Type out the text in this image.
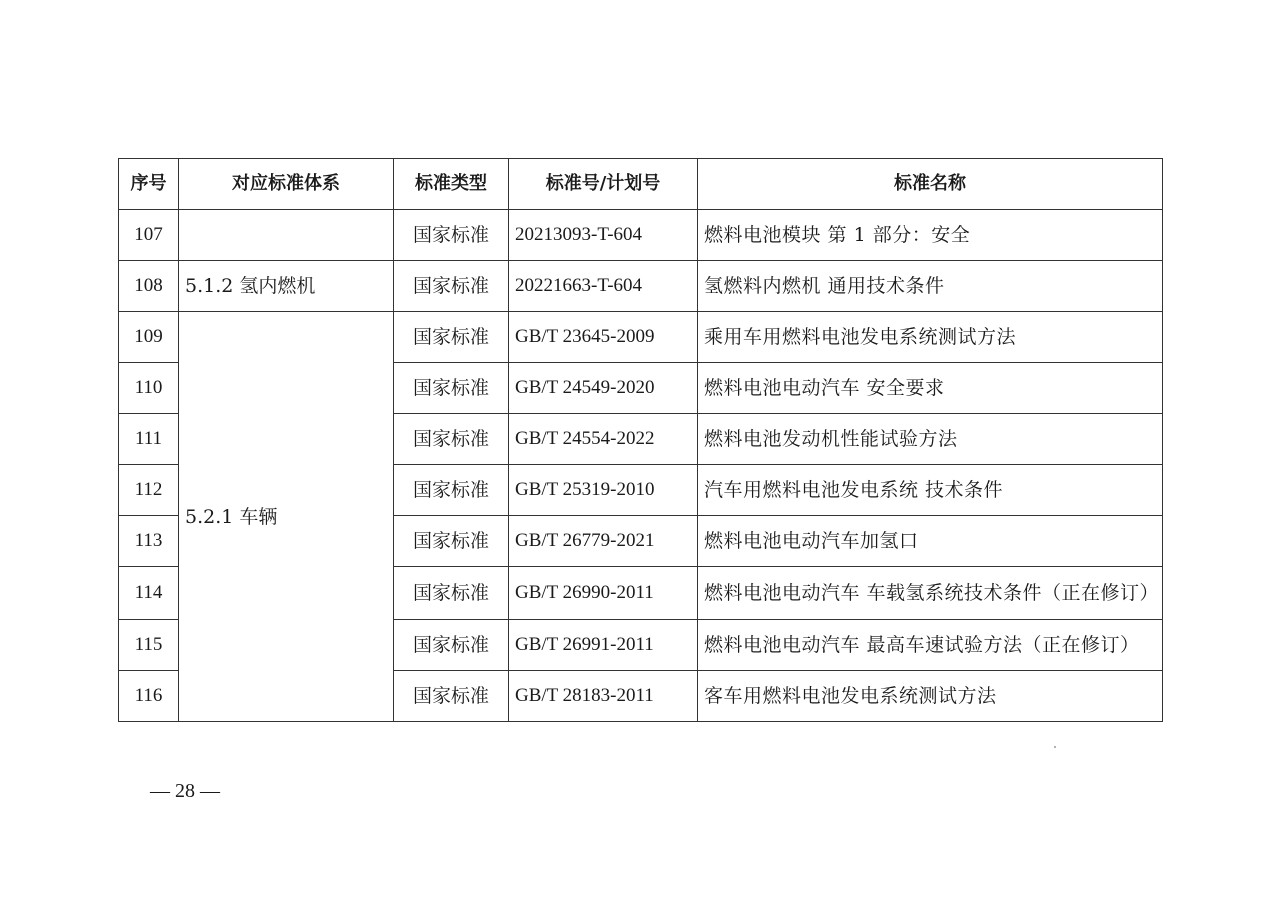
序号	对应标准体系	标准类型	标准号/计划号	标准名称
107		国家标准	20213093-T-604	燃料电池模块 第 1 部分：安全
108	5.1.2 氢内燃机	国家标准	20221663-T-604	氢燃料内燃机 通用技术条件
109	5.2.1 车辆	国家标准	GB/T 23645-2009	乘用车用燃料电池发电系统测试方法
110		国家标准	GB/T 24549-2020	燃料电池电动汽车 安全要求
111		国家标准	GB/T 24554-2022	燃料电池发动机性能试验方法
112		国家标准	GB/T 25319-2010	汽车用燃料电池发电系统 技术条件
113		国家标准	GB/T 26779-2021	燃料电池电动汽车加氢口
114		国家标准	GB/T 26990-2011	燃料电池电动汽车 车载氢系统技术条件（正在修订）
115		国家标准	GB/T 26991-2011	燃料电池电动汽车 最高车速试验方法（正在修订）
116		国家标准	GB/T 28183-2011	客车用燃料电池发电系统测试方法
— 28 —
